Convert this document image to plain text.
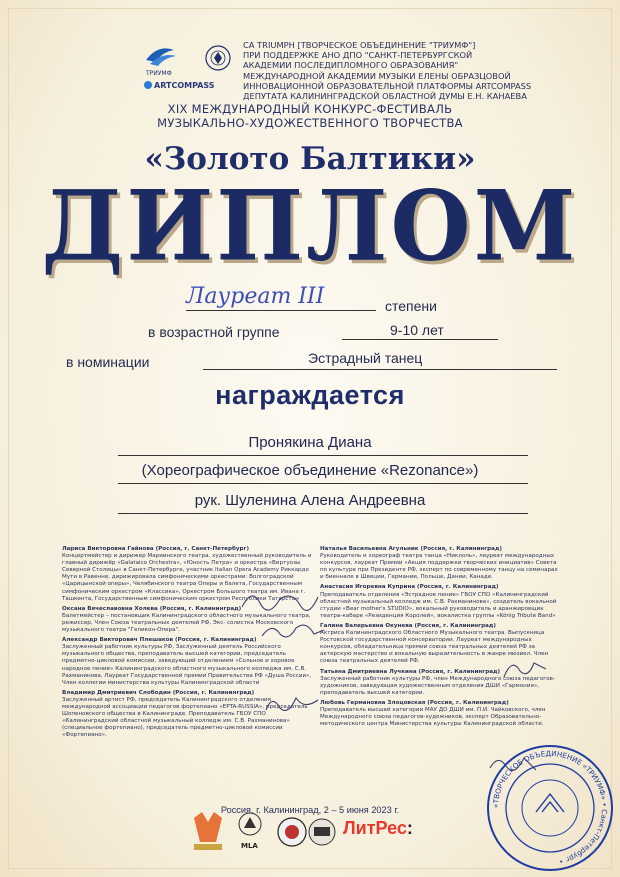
ТРИУМФ
ARTCOMPASS
СА TRIUMPH [ТВОРЧЕСКОЕ ОБЪЕДИНЕНИЕ "ТРИУМФ"]
ПРИ ПОДДЕРЖКЕ АНО ДПО "САНКТ-ПЕТЕРБУРГСКОЙ
АКАДЕМИИ ПОСЛЕДИПЛОМНОГО ОБРАЗОВАНИЯ"
МЕЖДУНАРОДНОЙ АКАДЕМИИ МУЗЫКИ ЕЛЕНЫ ОБРАЗЦОВОЙ
ИННОВАЦИОННОЙ ОБРАЗОВАТЕЛЬНОЙ ПЛАТФОРМЫ ARTCOMPASS
ДЕПУТАТА КАЛИНИНГРАДСКОЙ ОБЛАСТНОЙ ДУМЫ Е.Н. КАНАЕВА
XIX МЕЖДУНАРОДНЫЙ КОНКУРС-ФЕСТИВАЛЬ
МУЗЫКАЛЬНО-ХУДОЖЕСТВЕННОГО ТВОРЧЕСТВА
«Золото Балтики»
ДИПЛОМ
Лауреат III	степени
в возрастной группе	9-10 лет
в номинации	Эстрадный танец
награждается
Пронякина Диана
(Хореографическое объединение «Rezonance»)
рук. Шуленина Алена Андреевна
Лариса Викторовна Гайнова (Россия, г. Санкт-Петербург)
Концертмейстер и дирижер Мариинского театра, художественный руководитель и главный дирижёр «Galataico Orchestra», «Юность Петра» и оркестра «Виртуозы Северной Столицы» в Санкт-Петербурге, участник Italian Opera Academy Риккардо Мути в Равенне, дирижировала симфоническими оркестрами: Волгоградской «Царицынской оперы», Челябинского театра Оперы и балета, Государственным симфоническим оркестром «Классика», Оркестром Большого театра им. Ивана г. Ташкента, Государственным симфоническим оркестром Республики Татарстан
Оксана Вячеславовна Холева (Россия, г. Калининград)
Балетмейстер – постановщик Калининградского областного музыкального театра, режиссер, Член Союза театральных деятелей РФ, Экс- солистка Московского музыкального театра "Геликон-Опера".
Александр Викторович Плешаков (Россия, г. Калининград)
Заслуженный работник культуры РФ, Заслуженный деятель Российского музыкального общества, преподаватель высшей категории, председатель предметно-цикловой комиссии, заведующий отделением «Сольное и хоровое народное пение» Калининградского областного музыкального колледжа им. С.В. Рахманинова, Лауреат Государственной премии Правительства РФ «Душа России», Член коллегии министерства культуры Калининградской области
Владимир Дмитриевич Слободин (Россия, г. Калининград)
Заслуженный артист РФ, председатель Калининградского отделения международной ассоциации педагогов фортепиано «EPTA-RUSSIA», председатель Шопеновского общества в Калининграде. Преподаватель ГБОУ СПО «Калининградский областной музыкальный колледж им. С.В. Рахманинова» (специальное фортепиано), председатель предметно-цикловой комиссии «Фортепиано».
Наталья Васильевна Агульник (Россия, г. Калининград)
Руководитель и хореограф театра танца «Никлоль», лауреат международных конкурсов, лауреат Премии «Акция поддержки творческих инициатив» Совета по культуре при Президенте РФ, эксперт по современному танцу на семинарах и биеннале в Швеции, Германии, Польше, Дании, Канаде.
Анастасия Игоревна Куприна (Россия, г. Калининград)
Преподаватель отделения «Эстрадное пение» ГБОУ СПО «Калининградский областной музыкальный колледж им. С.В. Рахманинова», создатель вокальной студии «Bear mother's STUDIO», вокальный руководитель и аранжировщик театра-кабаре «Резиденция Королей», вокалистка группы «König Tribute Band»
Галина Валерьевна Окунева (Россия, г. Калининград)
Актриса Калининградского Областного Музыкального театра. Выпускница Ростовской государственной консерватории. Лауреат международных конкурсов, обладательница премии союза театральных деятелей РФ за актерскую мастерство и вокальную выразительность в жанре мюзикл. Член союза театральных деятелей РФ.
Татьяна Дмитриевна Лучкина (Россия, г. Калининград)
Заслуженный работник культуры РФ, член Международного союза педагогов-художников, заведующая художественным отделения ДШИ «Гармония», преподаватель высшей категории.
Любовь Германовна Злоцовская (Россия, г. Калининград)
Преподаватель высшей категории МАУ ДО ДШИ им. П.И. Чайковского, член Международного союза педагогов-художников, эксперт Образовательно-методического центра Министерства культуры Калининградской области.
Россия, г. Калининград, 2 – 5 июня 2023 г.
MLA
ЛитРес:
«ТВОРЧЕСКОЕ ОБЪЕДИНЕНИЕ «ТРИУМФ» • Санкт-Петербург •
